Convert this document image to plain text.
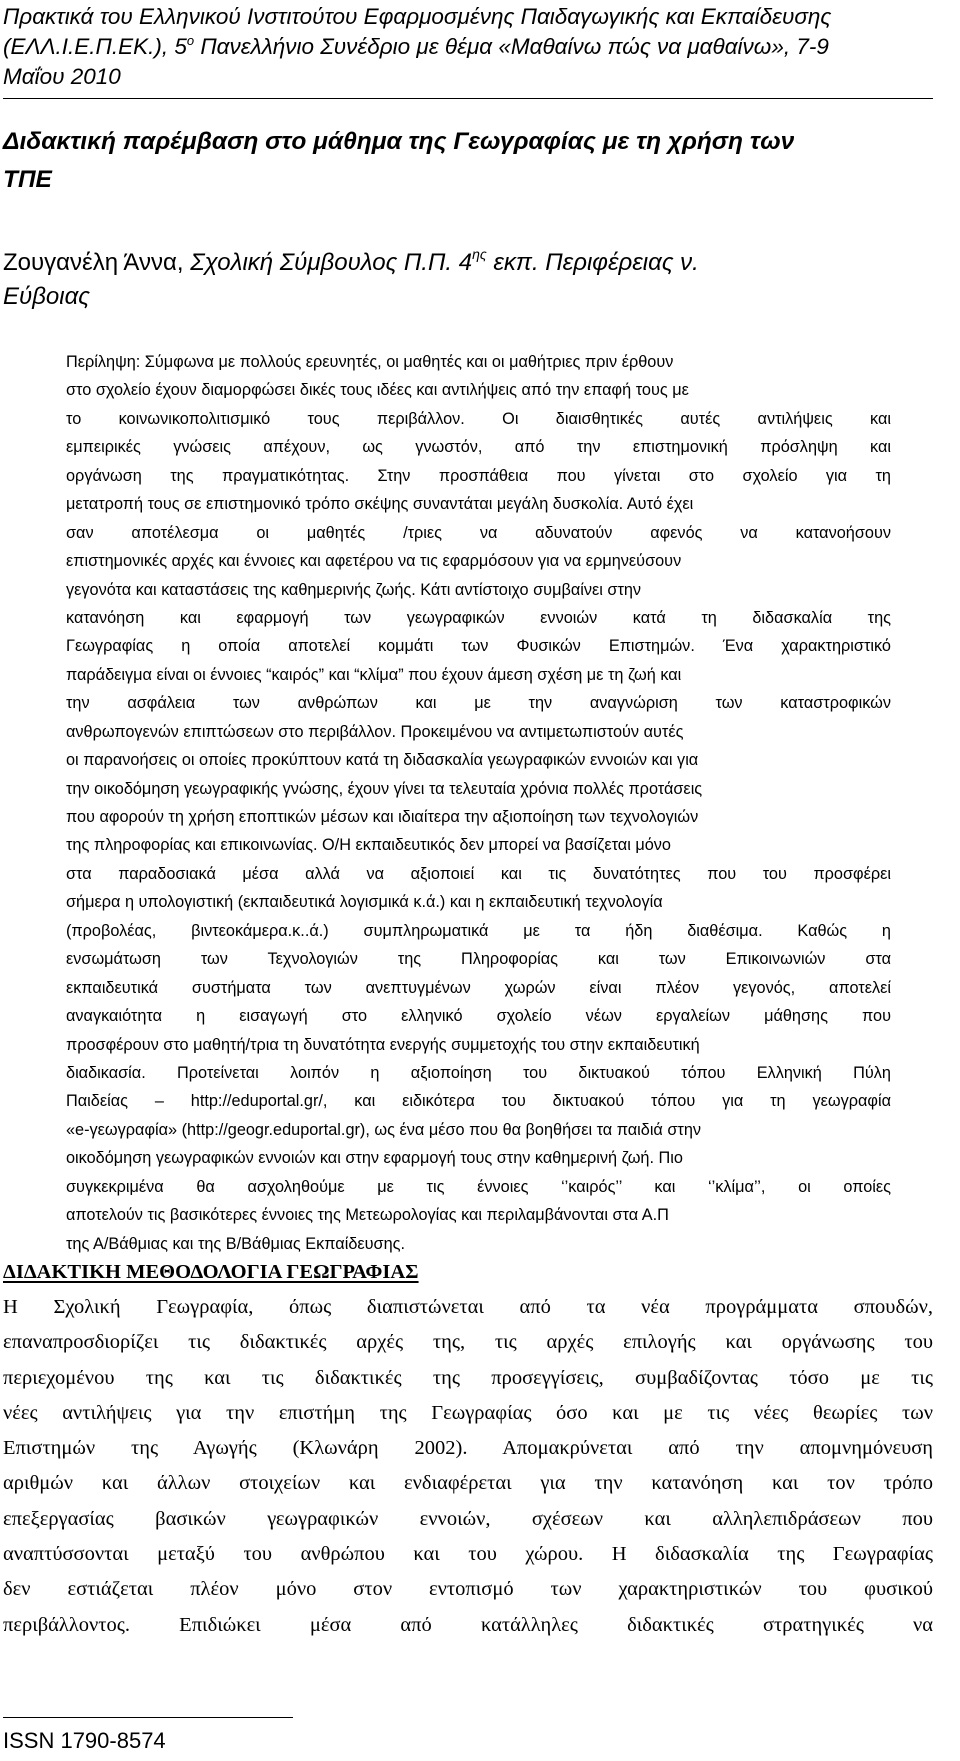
Πρακτικά του Ελληνικού Ινστιτούτου Εφαρμοσμένης Παιδαγωγικής και Εκπαίδευσης
(ΕΛΛ.Ι.Ε.Π.ΕΚ.), $5^o$ Πανελλήνιο Συνέδριο με θέμα «Μαθαίνω πώς να μαθαίνω», 7-9
Μαΐου 2010
Διδακτική παρέμβαση στο μάθημα της Γεωγραφίας με τη χρήση των
ΤΠΕ
Ζουγανέλη Άννα, Σχολική Σύμβουλος Π.Π. $4^{\eta\varsigma}$ εκπ. Περιφέρειας ν.
Εύβοιας
Περίληψη: Σύμφωνα με πολλούς ερευνητές, οι μαθητές και οι μαθήτριες πριν έρθουν
στο σχολείο έχουν διαμορφώσει δικές τους ιδέες και αντιλήψεις από την επαφή τους με
το κοινωνικοπολιτισμικό τους περιβάλλον. Οι διαισθητικές αυτές αντιλήψεις και
εμπειρικές γνώσεις απέχουν, ως γνωστόν, από την επιστημονική πρόσληψη και
οργάνωση της πραγματικότητας. Στην προσπάθεια που γίνεται στο σχολείο για τη
μετατροπή τους σε επιστημονικό τρόπο σκέψης συναντάται μεγάλη δυσκολία. Αυτό έχει
σαν αποτέλεσμα οι μαθητές /τριες να αδυνατούν αφενός να κατανοήσουν
επιστημονικές αρχές και έννοιες και αφετέρου να τις εφαρμόσουν για να ερμηνεύσουν
γεγονότα και καταστάσεις της καθημερινής ζωής. Κάτι αντίστοιχο συμβαίνει στην
κατανόηση και εφαρμογή των γεωγραφικών εννοιών κατά τη διδασκαλία της
Γεωγραφίας η οποία αποτελεί κομμάτι των Φυσικών Επιστημών. Ένα χαρακτηριστικό
παράδειγμα είναι οι έννοιες “καιρός” και “κλίμα” που έχουν άμεση σχέση με τη ζωή και
την ασφάλεια των ανθρώπων και με την αναγνώριση των καταστροφικών
ανθρωπογενών επιπτώσεων στο περιβάλλον. Προκειμένου να αντιμετωπιστούν αυτές
οι παρανοήσεις οι οποίες προκύπτουν κατά τη διδασκαλία γεωγραφικών εννοιών και για
την οικοδόμηση γεωγραφικής γνώσης, έχουν γίνει τα τελευταία χρόνια πολλές προτάσεις
που αφορούν τη χρήση εποπτικών μέσων και ιδιαίτερα την αξιοποίηση των τεχνολογιών
της πληροφορίας και επικοινωνίας. Ο/Η εκπαιδευτικός δεν μπορεί να βασίζεται μόνο
στα παραδοσιακά μέσα αλλά να αξιοποιεί και τις δυνατότητες που του προσφέρει
σήμερα η υπολογιστική (εκπαιδευτικά λογισμικά κ.ά.) και η εκπαιδευτική τεχνολογία
(προβολέας, βιντεοκάμερα.κ..ά.) συμπληρωματικά με τα ήδη διαθέσιμα. Καθώς η
ενσωμάτωση των Τεχνολογιών της Πληροφορίας και των Επικοινωνιών στα
εκπαιδευτικά συστήματα των ανεπτυγμένων χωρών είναι πλέον γεγονός, αποτελεί
αναγκαιότητα η εισαγωγή στο ελληνικό σχολείο νέων εργαλείων μάθησης που
προσφέρουν στο μαθητή/τρια τη δυνατότητα ενεργής συμμετοχής του στην εκπαιδευτική
διαδικασία. Προτείνεται λοιπόν η αξιοποίηση του δικτυακού τόπου Ελληνική Πύλη
Παιδείας – http://eduportal.gr/, και ειδικότερα του δικτυακού τόπου για τη γεωγραφία
«e-γεωγραφία» (http://geogr.eduportal.gr), ως ένα μέσο που θα βοηθήσει τα παιδιά στην
οικοδόμηση γεωγραφικών εννοιών και στην εφαρμογή τους στην καθημερινή ζωή. Πιο
συγκεκριμένα θα ασχοληθούμε με τις έννοιες ‘’καιρός’’ και ‘’κλίμα’’, οι οποίες
αποτελούν τις βασικότερες έννοιες της Μετεωρολογίας και περιλαμβάνονται στα Α.Π
της Α/Βάθμιας και της Β/Βάθμιας Εκπαίδευσης.
ΔΙΔΑΚΤΙΚΗ ΜΕΘΟΔΟΛΟΓΙΑ ΓΕΩΓΡΑΦΙΑΣ
Η Σχολική Γεωγραφία, όπως διαπιστώνεται από τα νέα προγράμματα σπουδών,
επαναπροσδιορίζει τις διδακτικές αρχές της, τις αρχές επιλογής και οργάνωσης του
περιεχομένου της και τις διδακτικές της προσεγγίσεις, συμβαδίζοντας τόσο με τις
νέες αντιλήψεις για την επιστήμη της Γεωγραφίας όσο και με τις νέες θεωρίες των
Επιστημών της Αγωγής (Κλωνάρη 2002). Απομακρύνεται από την απομνημόνευση
αριθμών και άλλων στοιχείων και ενδιαφέρεται για την κατανόηση και τον τρόπο
επεξεργασίας βασικών γεωγραφικών εννοιών, σχέσεων και αλληλεπιδράσεων που
αναπτύσσονται μεταξύ του ανθρώπου και του χώρου. Η διδασκαλία της Γεωγραφίας
δεν εστιάζεται πλέον μόνο στον εντοπισμό των χαρακτηριστικών του φυσικού
περιβάλλοντος. Επιδιώκει μέσα από κατάλληλες διδακτικές στρατηγικές να
ISSN 1790-8574
